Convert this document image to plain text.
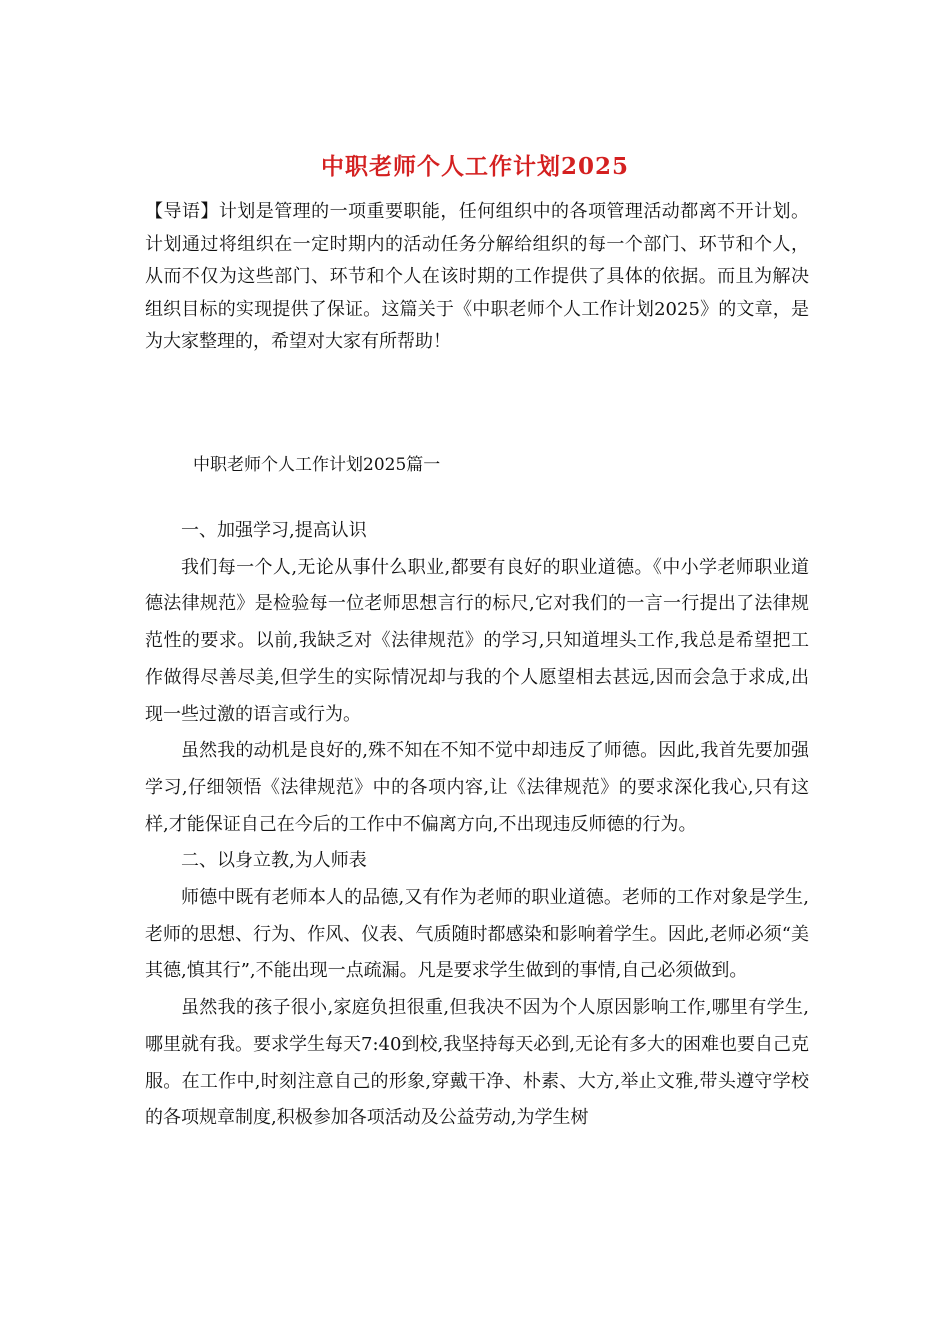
中职老师个人工作计划2025

【导语】计划是管理的一项重要职能，任何组织中的各项管理活动都离不开计划。计划通过将组织在一定时期内的活动任务分解给组织的每一个部门、环节和个人，从而不仅为这些部门、环节和个人在该时期的工作提供了具体的依据。而且为解决组织目标的实现提供了保证。这篇关于《中职老师个人工作计划2025》的文章，是为大家整理的，希望对大家有所帮助！

中职老师个人工作计划2025篇一

一、加强学习,提高认识

我们每一个人,无论从事什么职业,都要有良好的职业道德。《中小学老师职业道德法律规范》是检验每一位老师思想言行的标尺,它对我们的一言一行提出了法律规范性的要求。以前,我缺乏对《法律规范》的学习,只知道埋头工作,我总是希望把工作做得尽善尽美,但学生的实际情况却与我的个人愿望相去甚远,因而会急于求成,出现一些过激的语言或行为。

虽然我的动机是良好的,殊不知在不知不觉中却违反了师德。因此,我首先要加强学习,仔细领悟《法律规范》中的各项内容,让《法律规范》的要求深化我心,只有这样,才能保证自己在今后的工作中不偏离方向,不出现违反师德的行为。

二、以身立教,为人师表

师德中既有老师本人的品德,又有作为老师的职业道德。老师的工作对象是学生,老师的思想、行为、作风、仪表、气质随时都感染和影响着学生。因此,老师必须“美其德,慎其行”,不能出现一点疏漏。凡是要求学生做到的事情,自己必须做到。

虽然我的孩子很小,家庭负担很重,但我决不因为个人原因影响工作,哪里有学生,哪里就有我。要求学生每天7:40到校,我坚持每天必到,无论有多大的困难也要自己克服。在工作中,时刻注意自己的形象,穿戴干净、朴素、大方,举止文雅,带头遵守学校的各项规章制度,积极参加各项活动及公益劳动,为学生树
